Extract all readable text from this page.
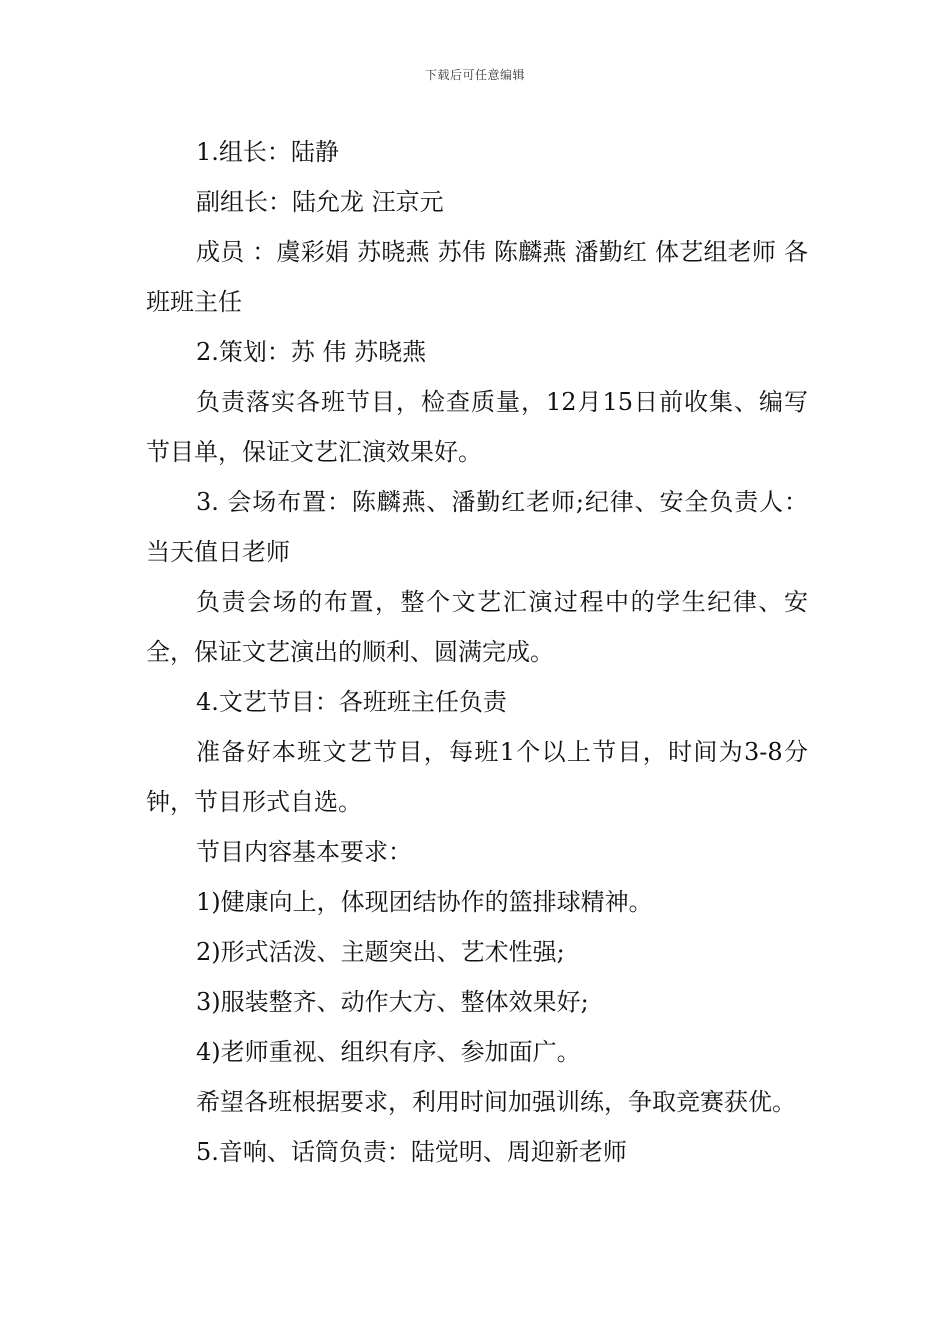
下载后可任意编辑

1.组长：陆静

副组长：陆允龙 汪京元

成员 ：虞彩娟 苏晓燕 苏伟 陈麟燕 潘勤红 体艺组老师 各班班主任

2.策划：苏 伟 苏晓燕

负责落实各班节目，检查质量，12月15日前收集、编写节目单，保证文艺汇演效果好。

3. 会场布置：陈麟燕、潘勤红老师;纪律、安全负责人：当天值日老师

负责会场的布置，整个文艺汇演过程中的学生纪律、安全，保证文艺演出的顺利、圆满完成。

4.文艺节目：各班班主任负责

准备好本班文艺节目，每班1个以上节目，时间为3-8分钟，节目形式自选。

节目内容基本要求：

1)健康向上，体现团结协作的篮排球精神。

2)形式活泼、主题突出、艺术性强;

3)服装整齐、动作大方、整体效果好;

4)老师重视、组织有序、参加面广。

希望各班根据要求，利用时间加强训练，争取竞赛获优。

5.音响、话筒负责：陆觉明、周迎新老师
